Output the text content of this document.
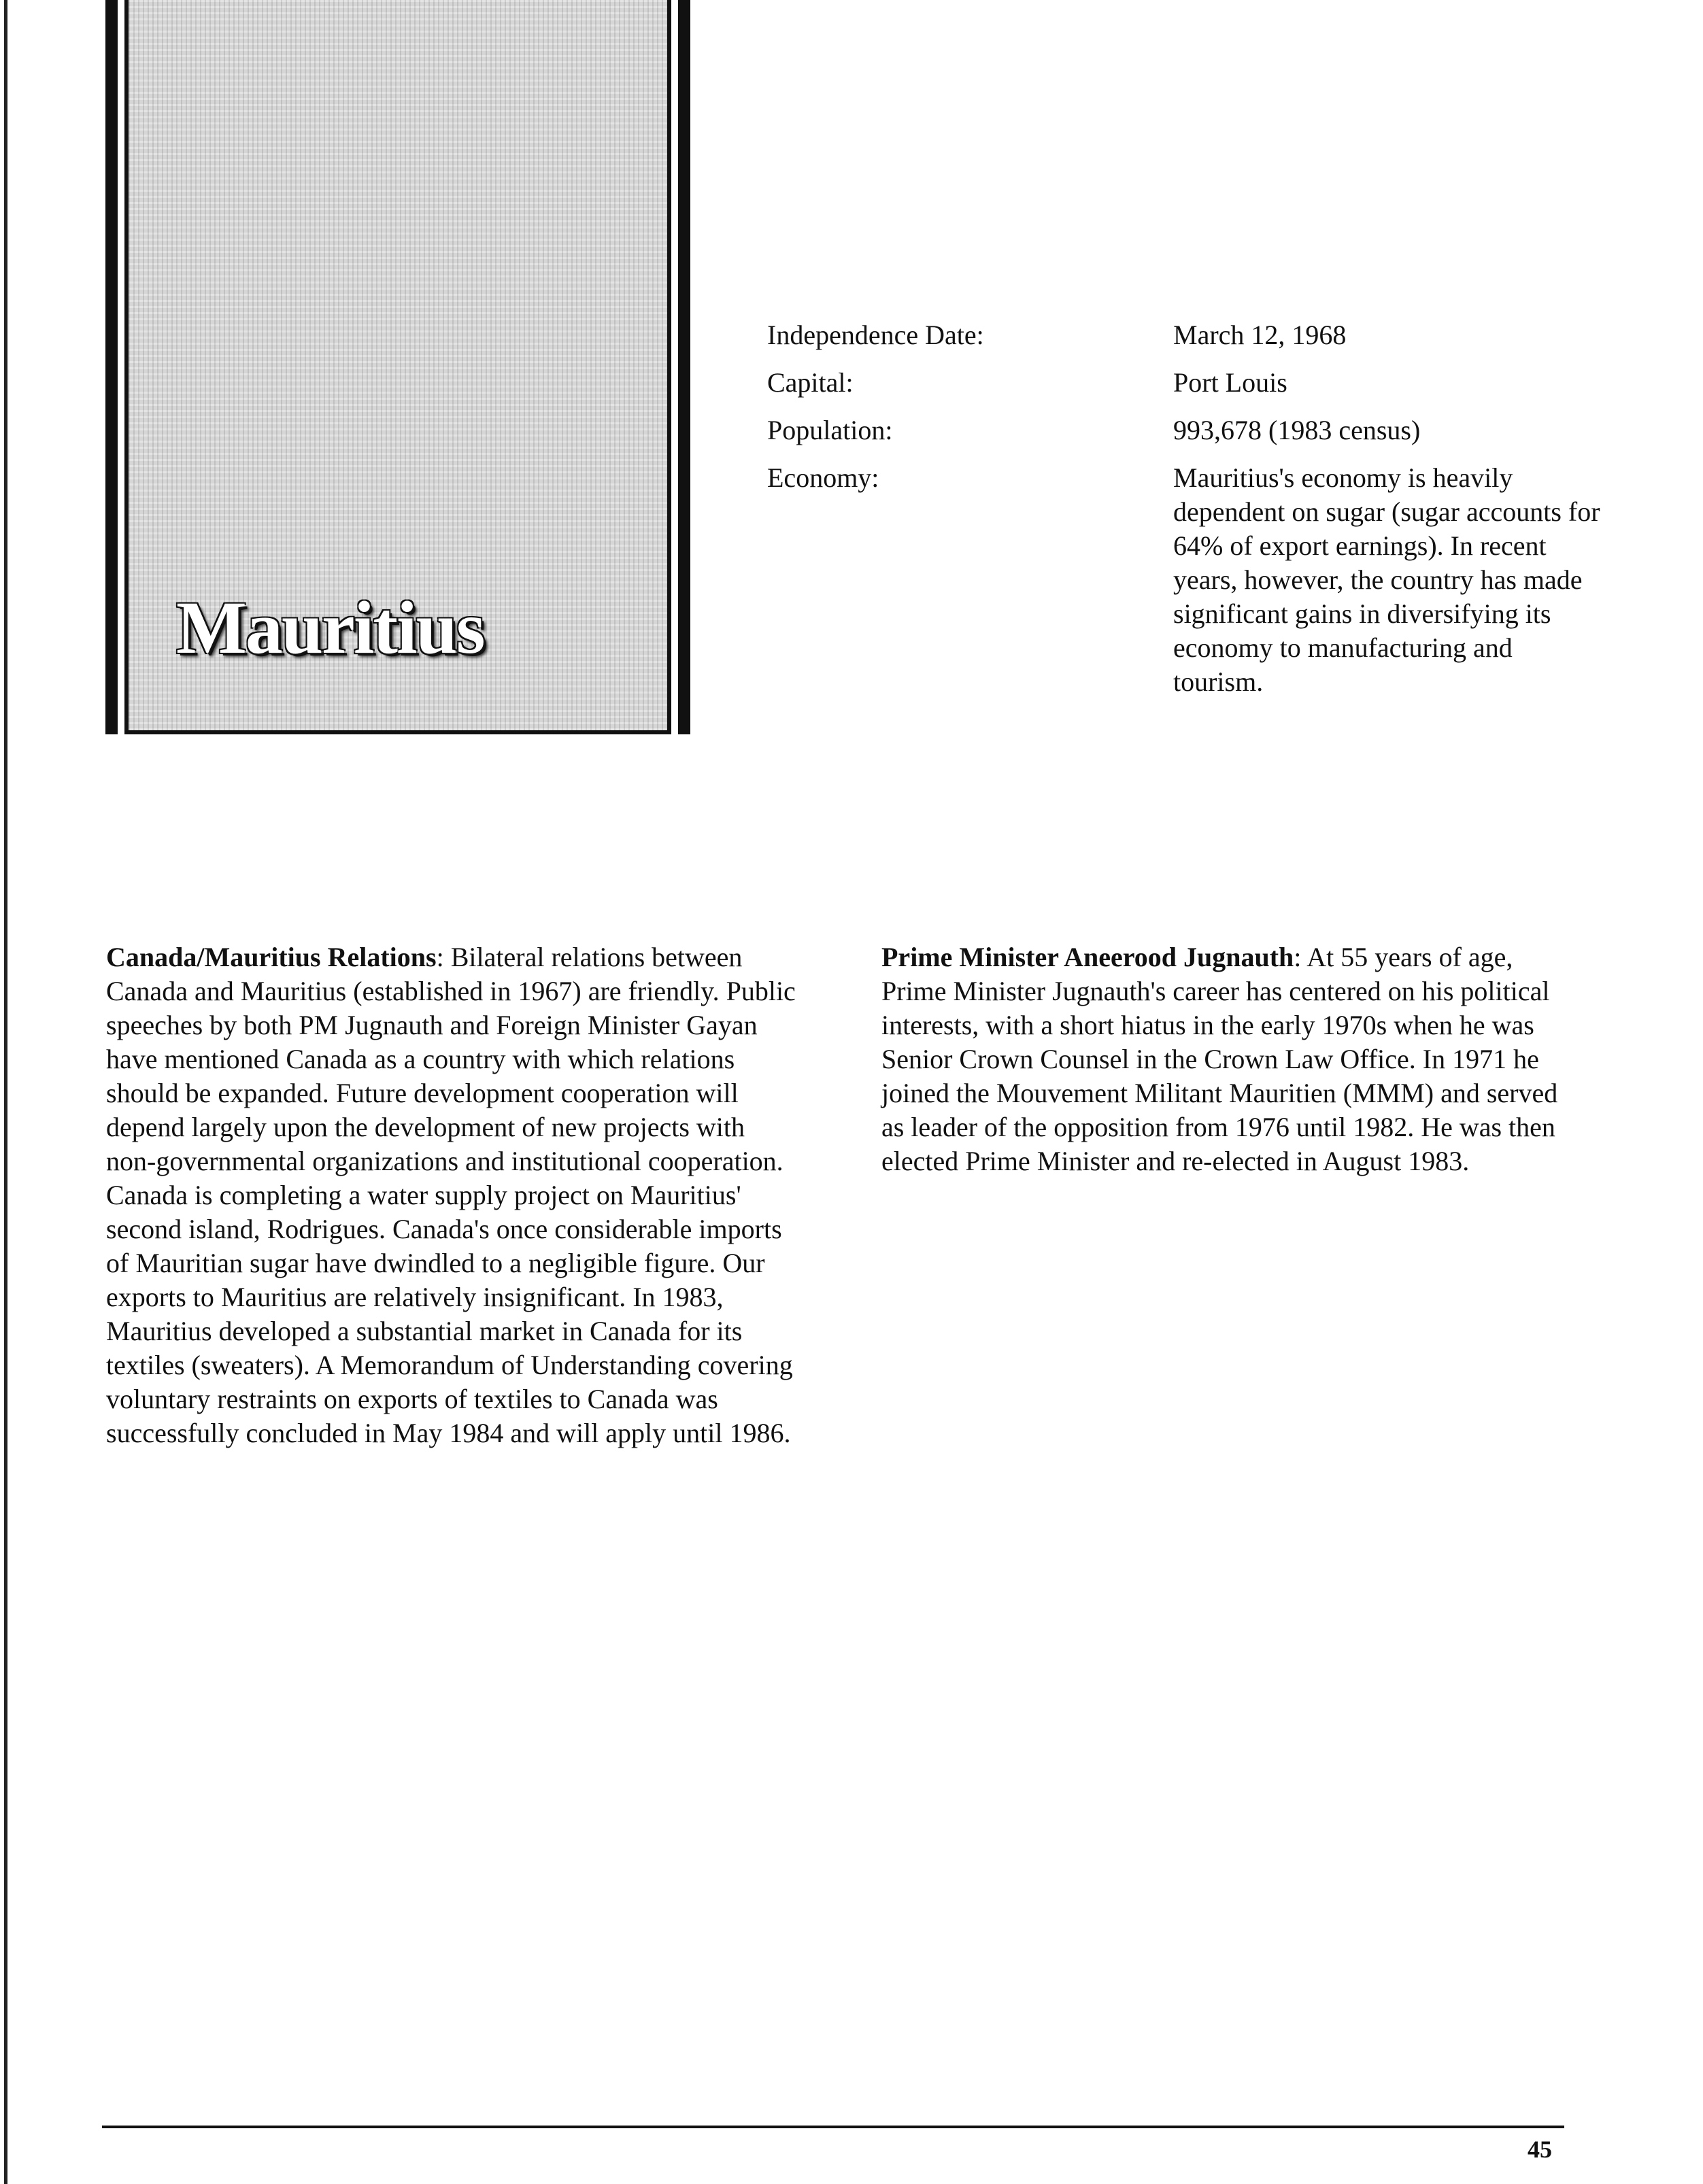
Mauritius
Independence Date:	March 12, 1968
Capital:	Port Louis
Population:	993,678 (1983 census)
Economy:	Mauritius's economy is heavily dependent on sugar (sugar accounts for 64% of export earnings). In recent years, however, the country has made significant gains in diversifying its economy to manufacturing and tourism.
Canada/Mauritius Relations: Bilateral relations between Canada and Mauritius (established in 1967) are friendly. Public speeches by both PM Jugnauth and Foreign Minister Gayan have mentioned Canada as a country with which relations should be expanded. Future development cooperation will depend largely upon the development of new projects with non-governmental organizations and institutional cooperation. Canada is completing a water supply project on Mauritius' second island, Rodrigues. Canada's once considerable imports of Mauritian sugar have dwindled to a negligible figure. Our exports to Mauritius are relatively insignificant. In 1983, Mauritius developed a substantial market in Canada for its textiles (sweaters). A Memorandum of Understanding covering voluntary restraints on exports of textiles to Canada was successfully concluded in May 1984 and will apply until 1986.
Prime Minister Aneerood Jugnauth: At 55 years of age, Prime Minister Jugnauth's career has centered on his political interests, with a short hiatus in the early 1970s when he was Senior Crown Counsel in the Crown Law Office. In 1971 he joined the Mouvement Militant Mauritien (MMM) and served as leader of the opposition from 1976 until 1982. He was then elected Prime Minister and re-elected in August 1983.
45
